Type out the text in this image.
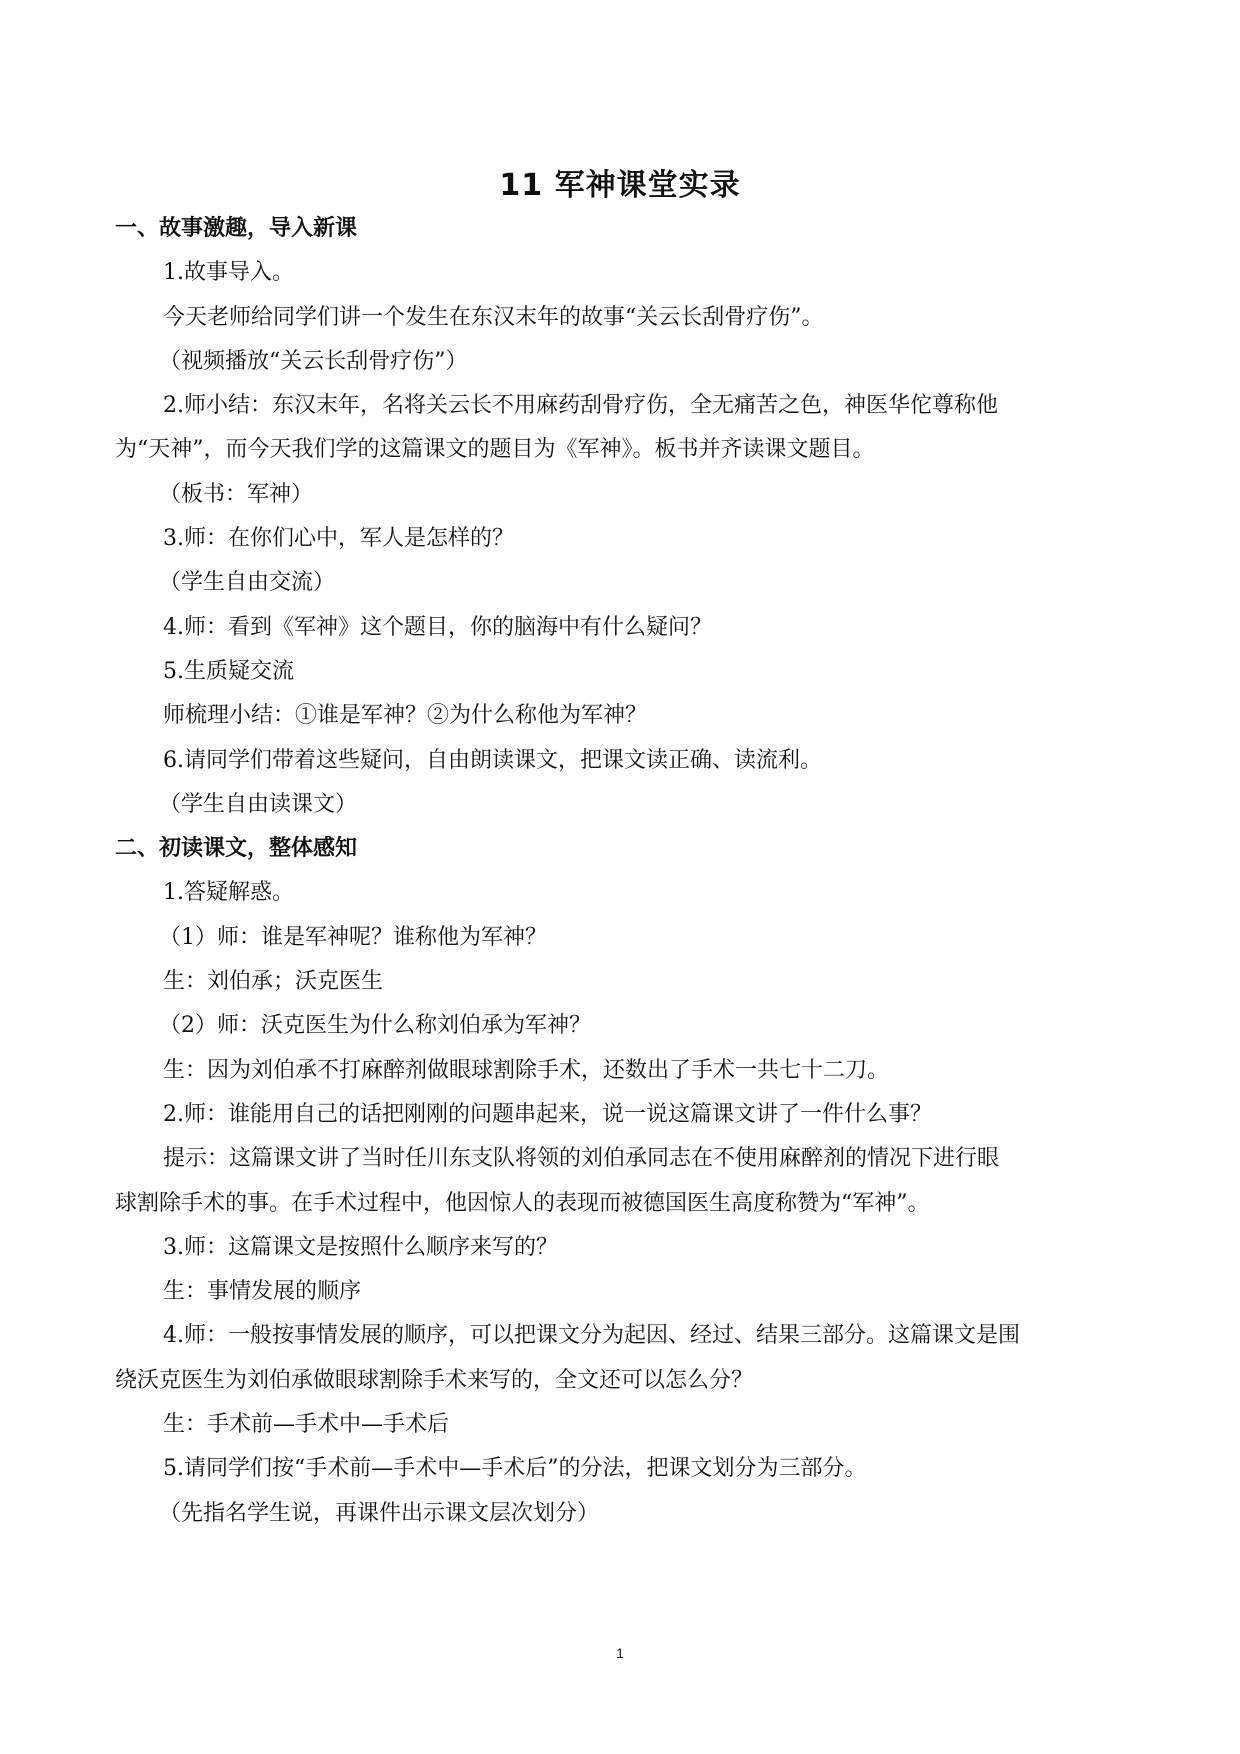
11 军神课堂实录
一、故事激趣，导入新课
1.故事导入。
今天老师给同学们讲一个发生在东汉末年的故事“关云长刮骨疗伤”。
（视频播放“关云长刮骨疗伤”）
2.师小结：东汉末年，名将关云长不用麻药刮骨疗伤，全无痛苦之色，神医华佗尊称他
为“天神”，而今天我们学的这篇课文的题目为《军神》。板书并齐读课文题目。
（板书：军神）
3.师：在你们心中，军人是怎样的？
（学生自由交流）
4.师：看到《军神》这个题目，你的脑海中有什么疑问？
5.生质疑交流
师梳理小结：①谁是军神？②为什么称他为军神？
6.请同学们带着这些疑问，自由朗读课文，把课文读正确、读流利。
（学生自由读课文）
二、初读课文，整体感知
1.答疑解惑。
（1）师：谁是军神呢？谁称他为军神？
生：刘伯承；沃克医生
（2）师：沃克医生为什么称刘伯承为军神？
生：因为刘伯承不打麻醉剂做眼球割除手术，还数出了手术一共七十二刀。
2.师：谁能用自己的话把刚刚的问题串起来，说一说这篇课文讲了一件什么事？
提示：这篇课文讲了当时任川东支队将领的刘伯承同志在不使用麻醉剂的情况下进行眼
球割除手术的事。在手术过程中，他因惊人的表现而被德国医生高度称赞为“军神”。
3.师：这篇课文是按照什么顺序来写的？
生：事情发展的顺序
4.师：一般按事情发展的顺序，可以把课文分为起因、经过、结果三部分。这篇课文是围
绕沃克医生为刘伯承做眼球割除手术来写的，全文还可以怎么分？
生：手术前—手术中—手术后
5.请同学们按“手术前—手术中—手术后”的分法，把课文划分为三部分。
（先指名学生说，再课件出示课文层次划分）
1
